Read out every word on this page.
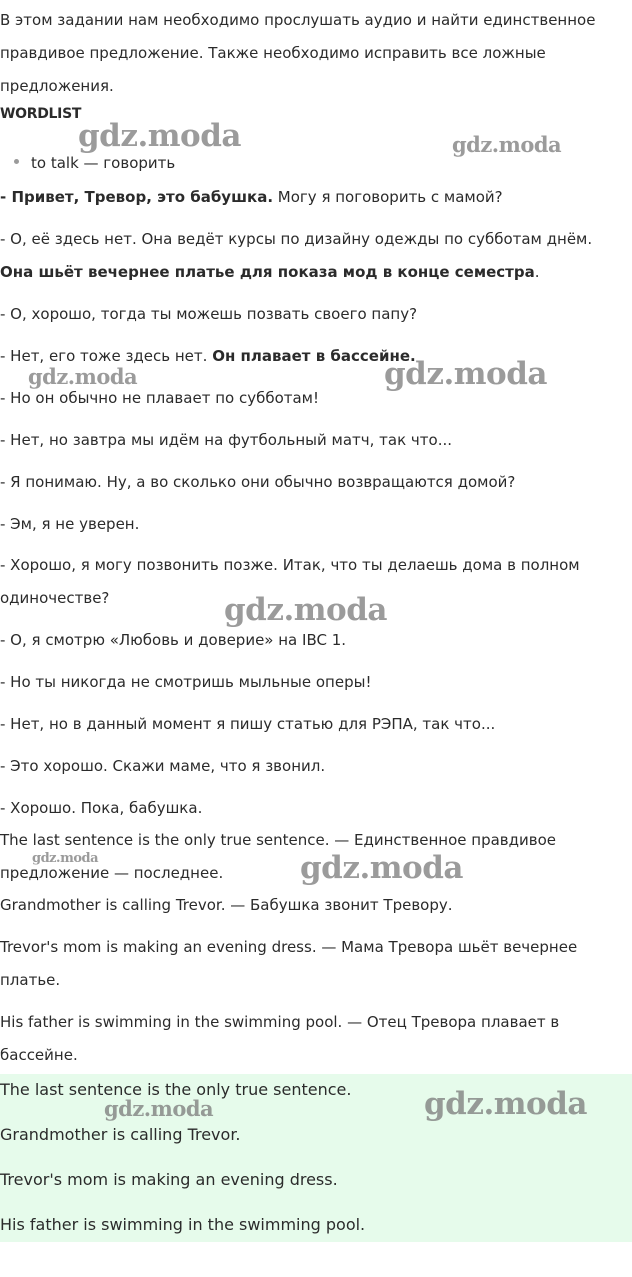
В этом задании нам необходимо прослушать аудио и найти единственное правдивое предложение. Также необходимо исправить все ложные предложения.
WORDLIST
to talk — говорить
- Привет, Тревор, это бабушка. Могу я поговорить с мамой?
- О, её здесь нет. Она ведёт курсы по дизайну одежды по субботам днём. Она шьёт вечернее платье для показа мод в конце семестра.
- О, хорошо, тогда ты можешь позвать своего папу?
- Нет, его тоже здесь нет. Он плавает в бассейне.
- Но он обычно не плавает по субботам!
- Нет, но завтра мы идём на футбольный матч, так что...
- Я понимаю. Ну, а во сколько они обычно возвращаются домой?
- Эм, я не уверен.
- Хорошо, я могу позвонить позже. Итак, что ты делаешь дома в полном одиночестве?
- О, я смотрю «Любовь и доверие» на IBC 1.
- Но ты никогда не смотришь мыльные оперы!
- Нет, но в данный момент я пишу статью для РЭПА, так что...
- Это хорошо. Скажи маме, что я звонил.
- Хорошо. Пока, бабушка.
The last sentence is the only true sentence. — Единственное правдивое предложение — последнее.
Grandmother is calling Trevor. — Бабушка звонит Тревору.
Trevor's mom is making an evening dress. — Мама Тревора шьёт вечернее платье.
His father is swimming in the swimming pool. — Отец Тревора плавает в бассейне.
The last sentence is the only true sentence.
Grandmother is calling Trevor.
Trevor's mom is making an evening dress.
His father is swimming in the swimming pool.
gdz.moda	gdz.moda
gdz.moda	gdz.moda
gdz.moda
gdz.moda	gdz.moda
gdz.moda	gdz.moda
